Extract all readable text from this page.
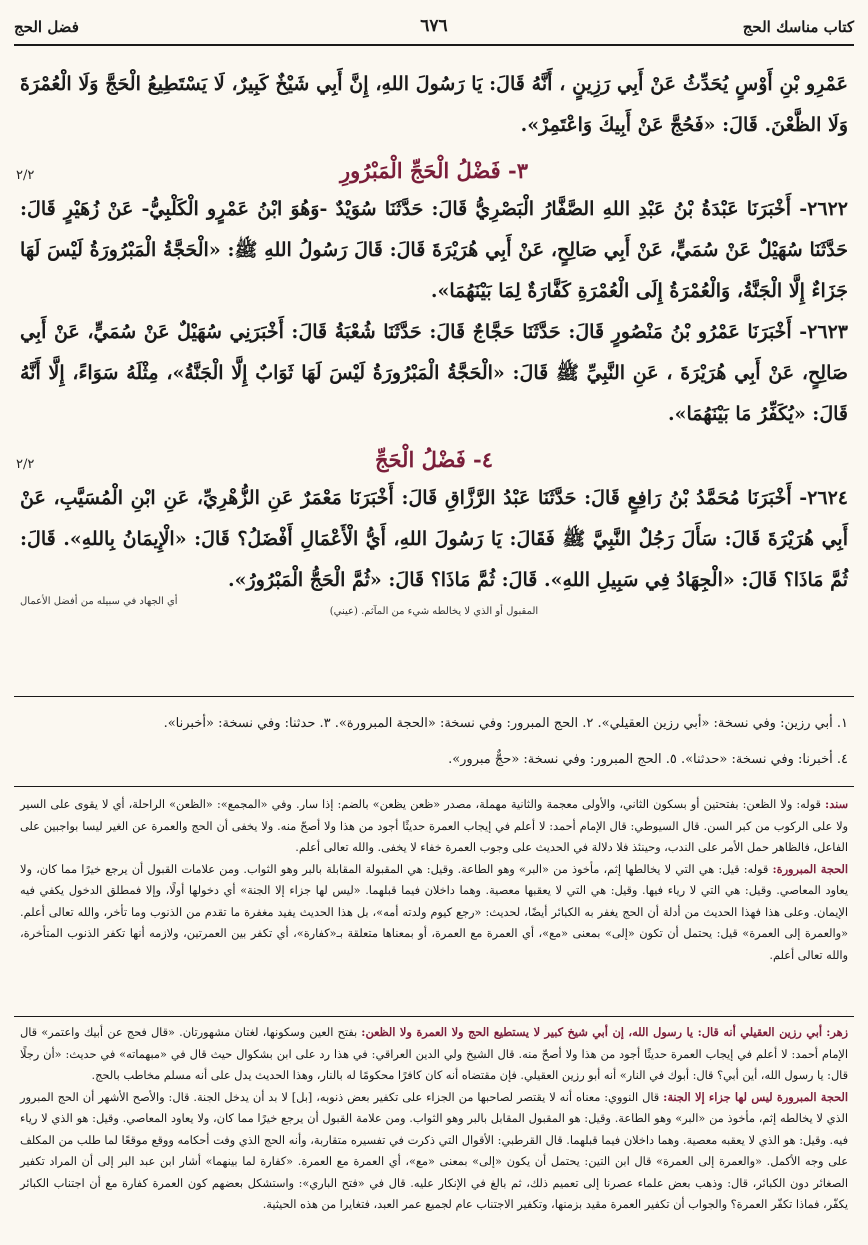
كتاب مناسك الحج
٦٧٦
فضل الحج

عَمْرِو بْنِ أَوْسٍ يُحَدِّثُ عَنْ أَبِي رَزِينٍ ، أَنَّهُ قَالَ: يَا رَسُولَ اللهِ، إِنَّ أَبِي شَيْخٌ كَبِيرٌ، لَا يَسْتَطِيعُ الْحَجَّ وَلَا الْعُمْرَةَ وَلَا الظَّعْنَ. قَالَ: «فَحُجَّ عَنْ أَبِيكَ وَاعْتَمِرْ».

٣- فَضْلُ الْحَجِّ الْمَبْرُورِ
٢/٢

٢٦٢٢- أَخْبَرَنَا عَبْدَةُ بْنُ عَبْدِ اللهِ الصَّفَّارُ الْبَصْرِيُّ قَالَ: حَدَّثَنَا سُوَيْدٌ -وَهُوَ ابْنُ عَمْرٍو الْكَلْبِيُّ- عَنْ زُهَيْرٍ قَالَ: حَدَّثَنَا سُهَيْلٌ عَنْ سُمَيٍّ، عَنْ أَبِي صَالِحٍ، عَنْ أَبِي هُرَيْرَةَ قَالَ: قَالَ رَسُولُ اللهِ ﷺ: «الْحَجَّةُ الْمَبْرُورَةُ لَيْسَ لَهَا جَزَاءٌ إِلَّا الْجَنَّةُ، وَالْعُمْرَةُ إِلَى الْعُمْرَةِ كَفَّارَةٌ لِمَا بَيْنَهُمَا».

٢٦٢٣- أَخْبَرَنَا عَمْرُو بْنُ مَنْصُورٍ قَالَ: حَدَّثَنَا حَجَّاجٌ قَالَ: حَدَّثَنَا شُعْبَةُ قَالَ: أَخْبَرَنِي سُهَيْلٌ عَنْ سُمَيٍّ، عَنْ أَبِي صَالِحٍ، عَنْ أَبِي هُرَيْرَةَ ، عَنِ النَّبِيِّ ﷺ قَالَ: «الْحَجَّةُ الْمَبْرُورَةُ لَيْسَ لَهَا ثَوَابٌ إِلَّا الْجَنَّةُ»، مِثْلَهُ سَوَاءً، إِلَّا أَنَّهُ قَالَ: «يُكَفِّرُ مَا بَيْنَهُمَا».

٤- فَضْلُ الْحَجِّ
٢/٢

٢٦٢٤- أَخْبَرَنَا مُحَمَّدُ بْنُ رَافِعٍ قَالَ: حَدَّثَنَا عَبْدُ الرَّزَّاقِ قَالَ: أَخْبَرَنَا مَعْمَرٌ عَنِ الزُّهْرِيِّ، عَنِ ابْنِ الْمُسَيَّبِ، عَنْ أَبِي هُرَيْرَةَ قَالَ: سَأَلَ رَجُلٌ النَّبِيَّ ﷺ فَقَالَ: يَا رَسُولَ اللهِ، أَيُّ الْأَعْمَالِ أَفْضَلُ؟ قَالَ: «الْإِيمَانُ بِاللهِ». قَالَ: ثُمَّ مَاذَا؟ قَالَ: «الْجِهَادُ فِي سَبِيلِ اللهِ». قَالَ: ثُمَّ مَاذَا؟ قَالَ: «ثُمَّ الْحَجُّ الْمَبْرُورُ».

أي الجهاد في سبيله من أفضل الأعمال
المقبول أو الذي لا يخالطه شيء من المآثم. (عيني)

١. أبي رزين: وفي نسخة: «أبي رزين العقيلي». ٢. الحج المبرور: وفي نسخة: «الحجة المبرورة». ٣. حدثنا: وفي نسخة: «أخبرنا».

٤. أخبرنا: وفي نسخة: «حدثنا». ٥. الحج المبرور: وفي نسخة: «حجٌّ مبرور».

سند: قوله: ولا الظعن: بفتحتين أو بسكون الثاني، والأولى معجمة والثانية مهملة، مصدر «ظعن يظعن» بالضم: إذا سار. وفي «المجمع»: «الظعن» الراحلة، أي لا يقوى على السير ولا على الركوب من كبر السن. قال السيوطي: قال الإمام أحمد: لا أعلم في إيجاب العمرة حديثًا أجود من هذا ولا أصحّ منه. ولا يخفى أن الحج والعمرة عن الغير ليسا بواجبين على الفاعل، فالظاهر حمل الأمر على الندب، وحينئذ فلا دلالة في الحديث على وجوب العمرة خفاء لا يخفى. والله تعالى أعلم.

الحجة المبرورة: قوله: قيل: هي التي لا يخالطها إثم، مأخوذ من «البر» وهو الطاعة. وقيل: هي المقبولة المقابلة بالبر وهو الثواب. ومن علامات القبول أن يرجع خيرًا مما كان، ولا يعاود المعاصي. وقيل: هي التي لا رياء فيها. وقيل: هي التي لا يعقبها معصية. وهما داخلان فيما قبلهما. «ليس لها جزاء إلا الجنة» أي دخولها أولًا، وإلا فمطلق الدخول يكفي فيه الإيمان. وعلى هذا فهذا الحديث من أدلة أن الحج يغفر به الكبائر أيضًا، لحديث: «رجع كيوم ولدته أمه»، بل هذا الحديث يفيد مغفرة ما تقدم من الذنوب وما تأخر، والله تعالى أعلم. «والعمرة إلى العمرة» قيل: يحتمل أن تكون «إلى» بمعنى «مع»، أي العمرة مع العمرة، أو بمعناها متعلقة بـ«كفارة»، أي تكفر بين العمرتين، ولازمه أنها تكفر الذنوب المتأخرة، والله تعالى أعلم.

زهر: أبي رزين العقيلي أنه قال: يا رسول الله، إن أبي شيخ كبير لا يستطيع الحج ولا العمرة ولا الظعن: بفتح العين وسكونها، لغتان مشهورتان. «قال فحج عن أبيك واعتمر» قال الإمام أحمد: لا أعلم في إيجاب العمرة حديثًا أجود من هذا ولا أصحّ منه. قال الشيخ ولي الدين العراقي: في هذا رد على ابن بشكوال حيث قال في «مبهماته» في حديث: «أن رجلًا قال: يا رسول الله، أين أبي؟ قال: أبوك في النار» أنه أبو رزين العقيلي. فإن مقتضاه أنه كان كافرًا محكومًا له بالنار، وهذا الحديث يدل على أنه مسلم مخاطب بالحج.

الحجة المبرورة ليس لها جزاء إلا الجنة: قال النووي: معناه أنه لا يقتصر لصاحبها من الجزاء على تكفير بعض ذنوبه، [بل] لا بد أن يدخل الجنة. قال: والأصح الأشهر أن الحج المبرور الذي لا يخالطه إثم، مأخوذ من «البر» وهو الطاعة. وقيل: هو المقبول المقابل بالبر وهو الثواب. ومن علامة القبول أن يرجع خيرًا مما كان، ولا يعاود المعاصي. وقيل: هو الذي لا رياء فيه. وقيل: هو الذي لا يعقبه معصية. وهما داخلان فيما قبلهما. قال القرطبي: الأقوال التي ذكرت في تفسيره متقاربة، وأنه الحج الذي وفت أحكامه ووقع موقعًا لما طلب من المكلف على وجه الأكمل. «والعمرة إلى العمرة» قال ابن التين: يحتمل أن يكون «إلى» بمعنى «مع»، أي العمرة مع العمرة. «كفارة لما بينهما» أشار ابن عبد البر إلى أن المراد تكفير الصغائر دون الكبائر، قال: وذهب بعض علماء عصرنا إلى تعميم ذلك، ثم بالغ في الإنكار عليه. قال في «فتح الباري»: واستشكل بعضهم كون العمرة كفارة مع أن اجتناب الكبائر يكفّر، فماذا تكفّر العمرة؟ والجواب أن تكفير العمرة مقيد بزمنها، وتكفير الاجتناب عام لجميع عمر العبد، فتغايرا من هذه الحيثية.
